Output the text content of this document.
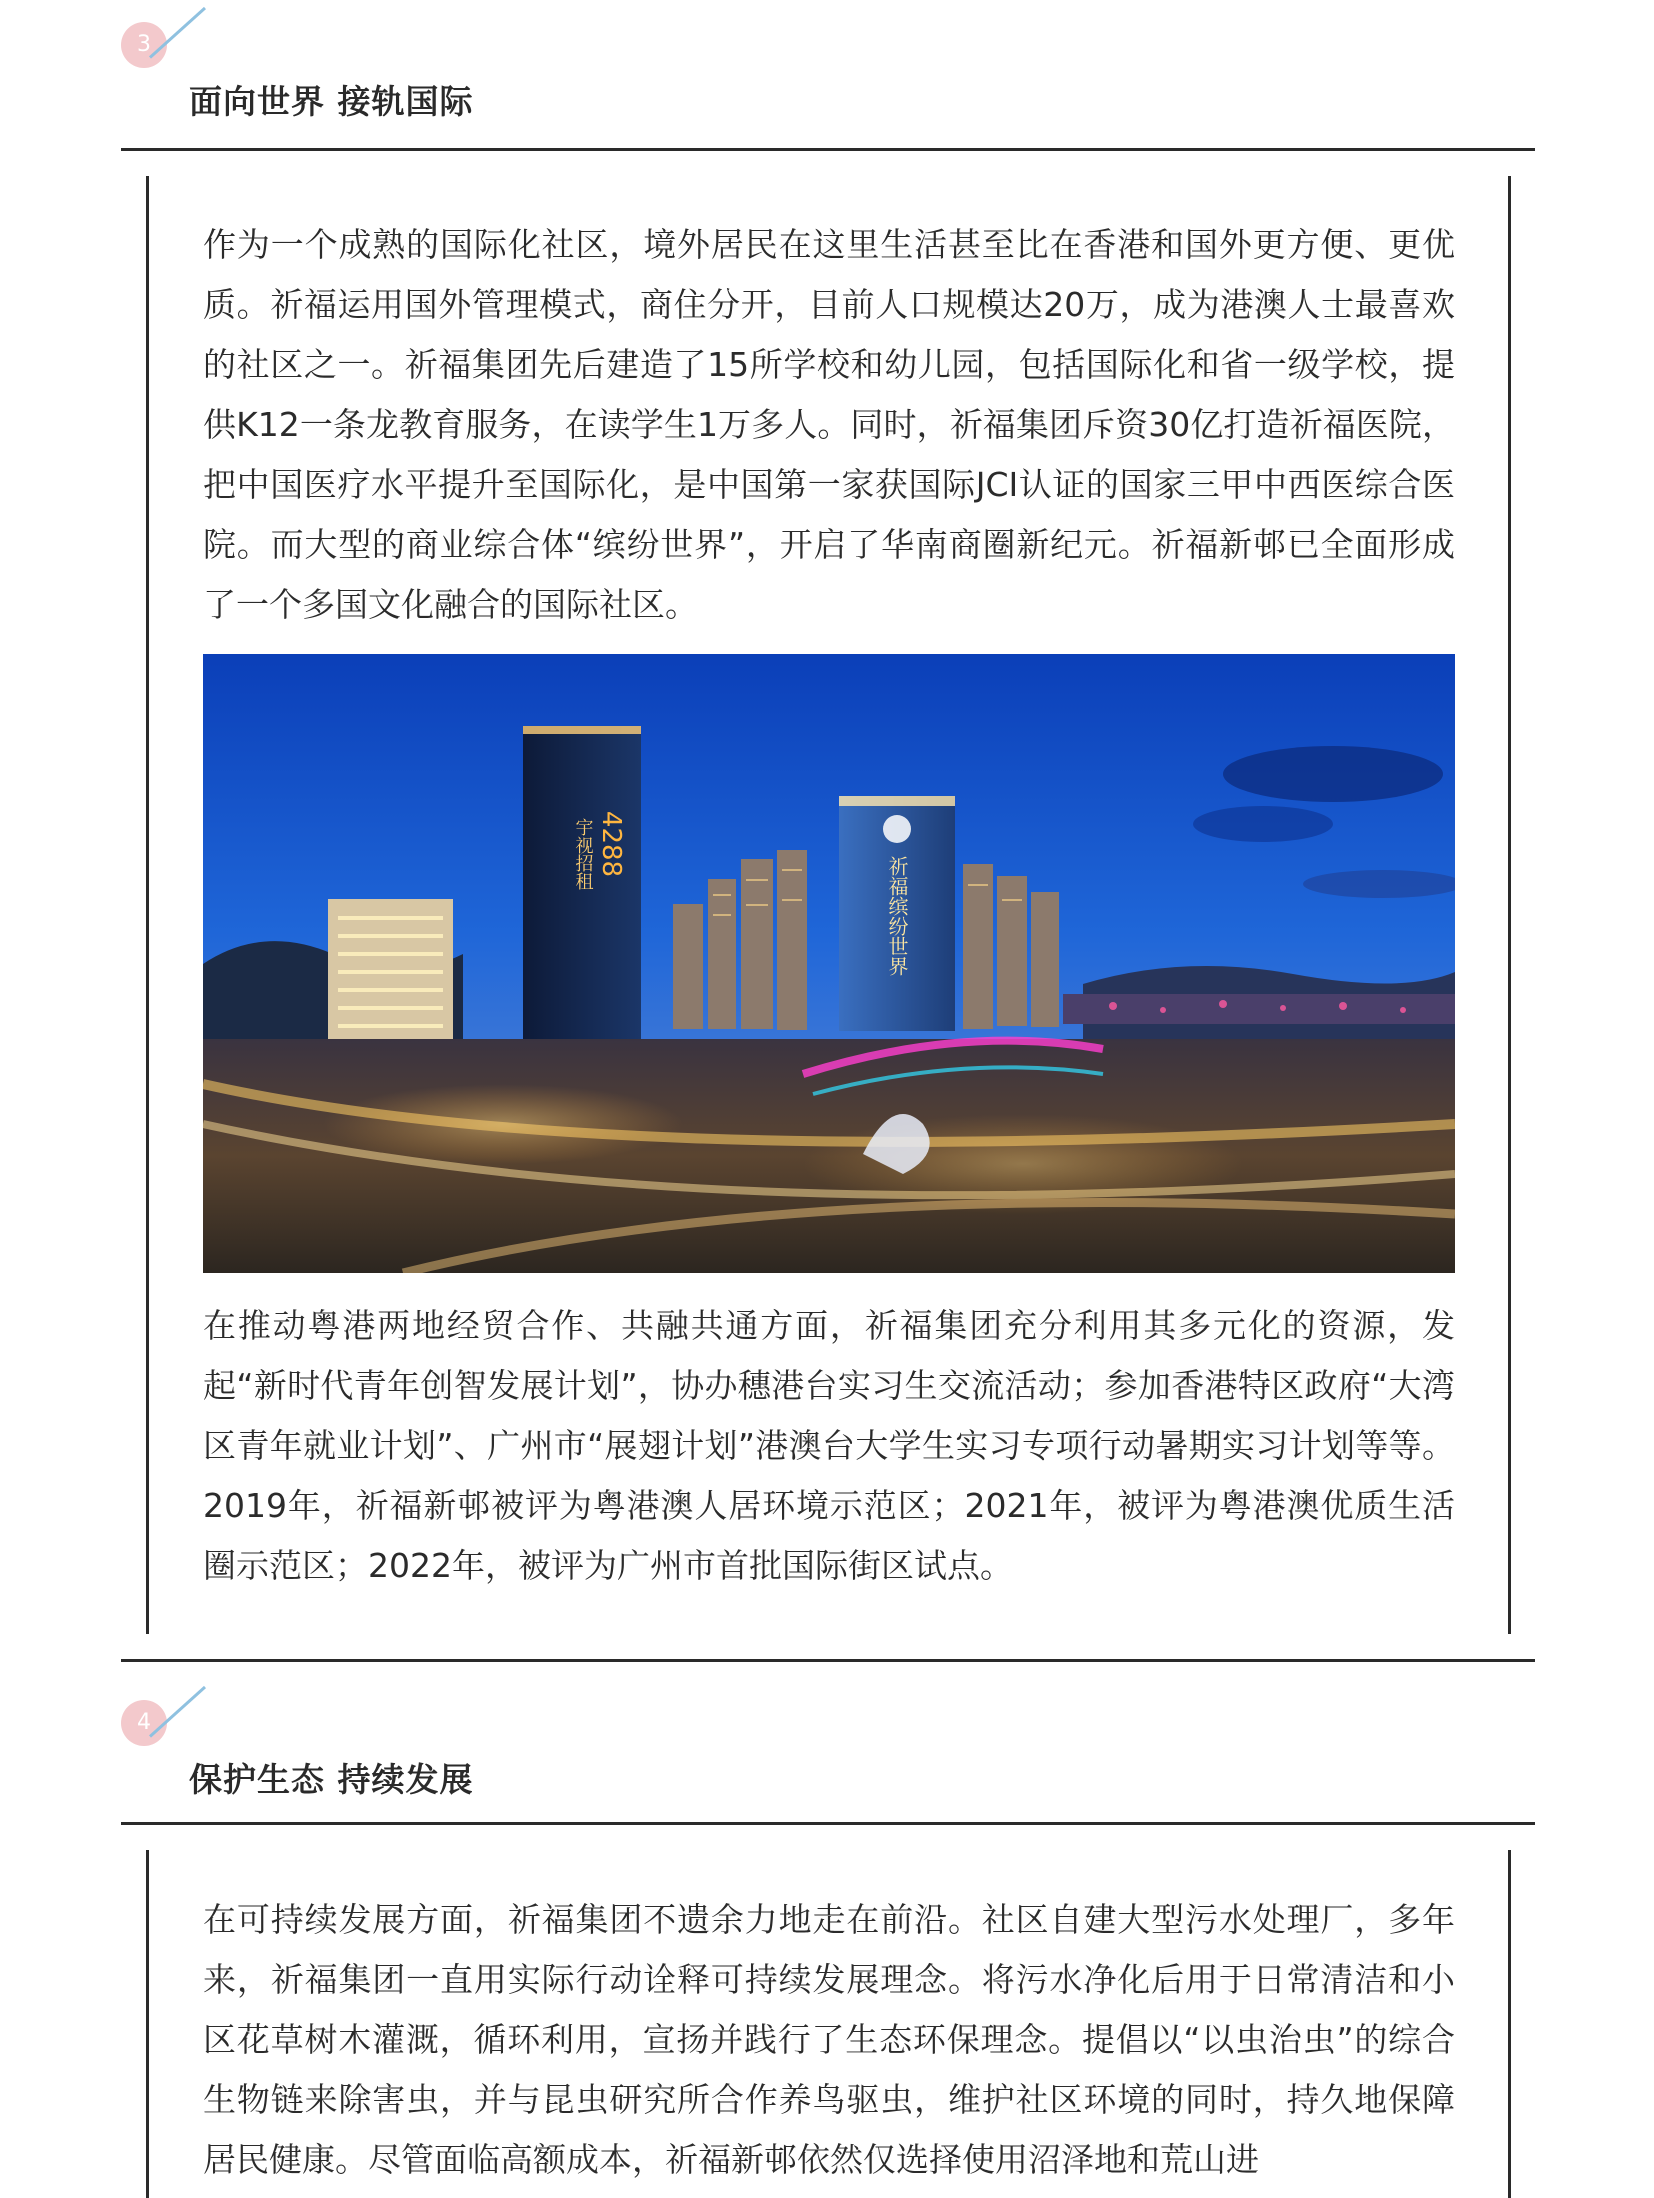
3
面向世界 接轨国际

作为一个成熟的国际化社区，境外居民在这里生活甚至比在香港和国外更方便、更优质。祈福运用国外管理模式，商住分开，目前人口规模达20万，成为港澳人士最喜欢的社区之一。祈福集团先后建造了15所学校和幼儿园，包括国际化和省一级学校，提供K12一条龙教育服务，在读学生1万多人。同时，祈福集团斥资30亿打造祈福医院，把中国医疗水平提升至国际化，是中国第一家获国际JCI认证的国家三甲中西医综合医院。而大型的商业综合体“缤纷世界”，开启了华南商圈新纪元。祈福新邨已全面形成了一个多国文化融合的国际社区。

祈福缤纷世界
4288
宇视招租

在推动粤港两地经贸合作、共融共通方面，祈福集团充分利用其多元化的资源，发起“新时代青年创智发展计划”，协办穗港台实习生交流活动；参加香港特区政府“大湾区青年就业计划”、广州市“展翅计划”港澳台大学生实习专项行动暑期实习计划等等。2019年，祈福新邨被评为粤港澳人居环境示范区；2021年，被评为粤港澳优质生活圈示范区；2022年，被评为广州市首批国际街区试点。

4
保护生态 持续发展

在可持续发展方面，祈福集团不遗余力地走在前沿。社区自建大型污水处理厂，多年来，祈福集团一直用实际行动诠释可持续发展理念。将污水净化后用于日常清洁和小区花草树木灌溉，循环利用，宣扬并践行了生态环保理念。提倡以“以虫治虫”的综合生物链来除害虫，并与昆虫研究所合作养鸟驱虫，维护社区环境的同时，持久地保障居民健康。尽管面临高额成本，祈福新邨依然仅选择使用沼泽地和荒山进
